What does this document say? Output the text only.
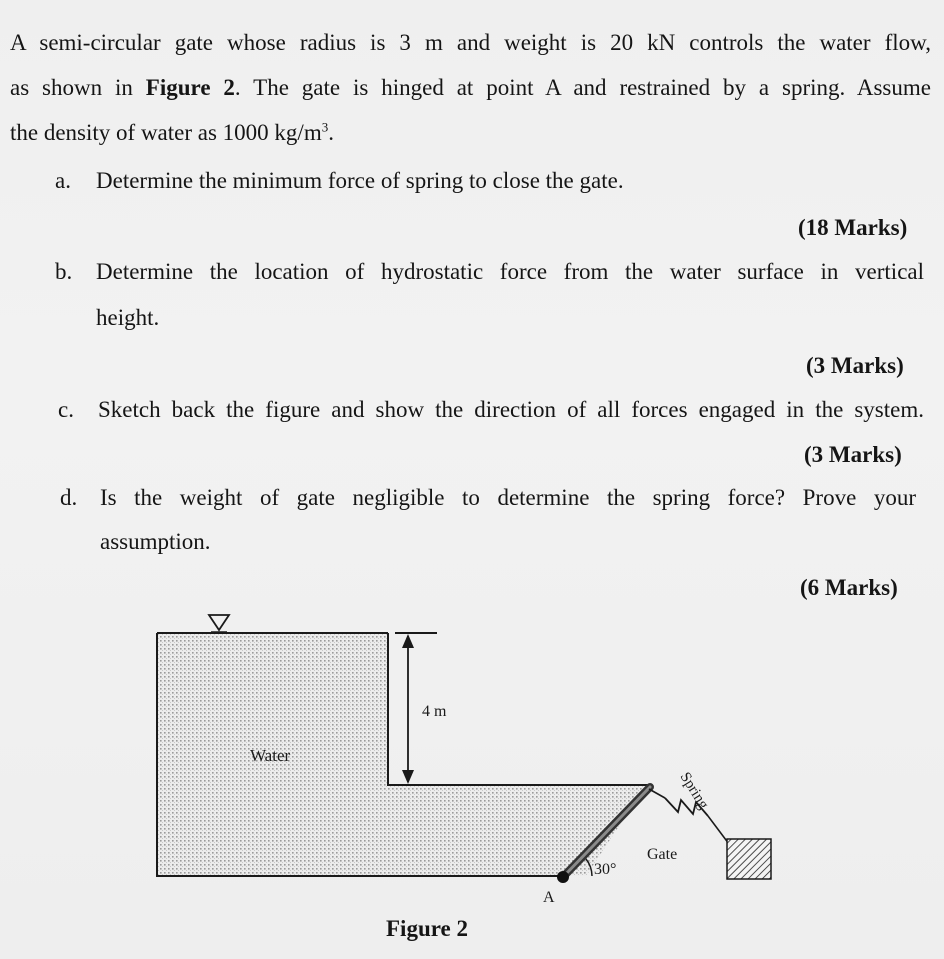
A semi-circular gate whose radius is 3 m and weight is 20 kN controls the water flow,
as shown in Figure 2. The gate is hinged at point A and restrained by a spring. Assume
the density of water as 1000 $kg/m^3$.
a. Determine the minimum force of spring to close the gate.
(18 Marks)
b. Determine the location of hydrostatic force from the water surface in vertical
height.
(3 Marks)
c. Sketch back the figure and show the direction of all forces engaged in the system.
(3 Marks)
d. Is the weight of gate negligible to determine the spring force? Prove your
assumption.
(6 Marks)
4 m
Water
A
30°
Spring
Gate
Figure 2
